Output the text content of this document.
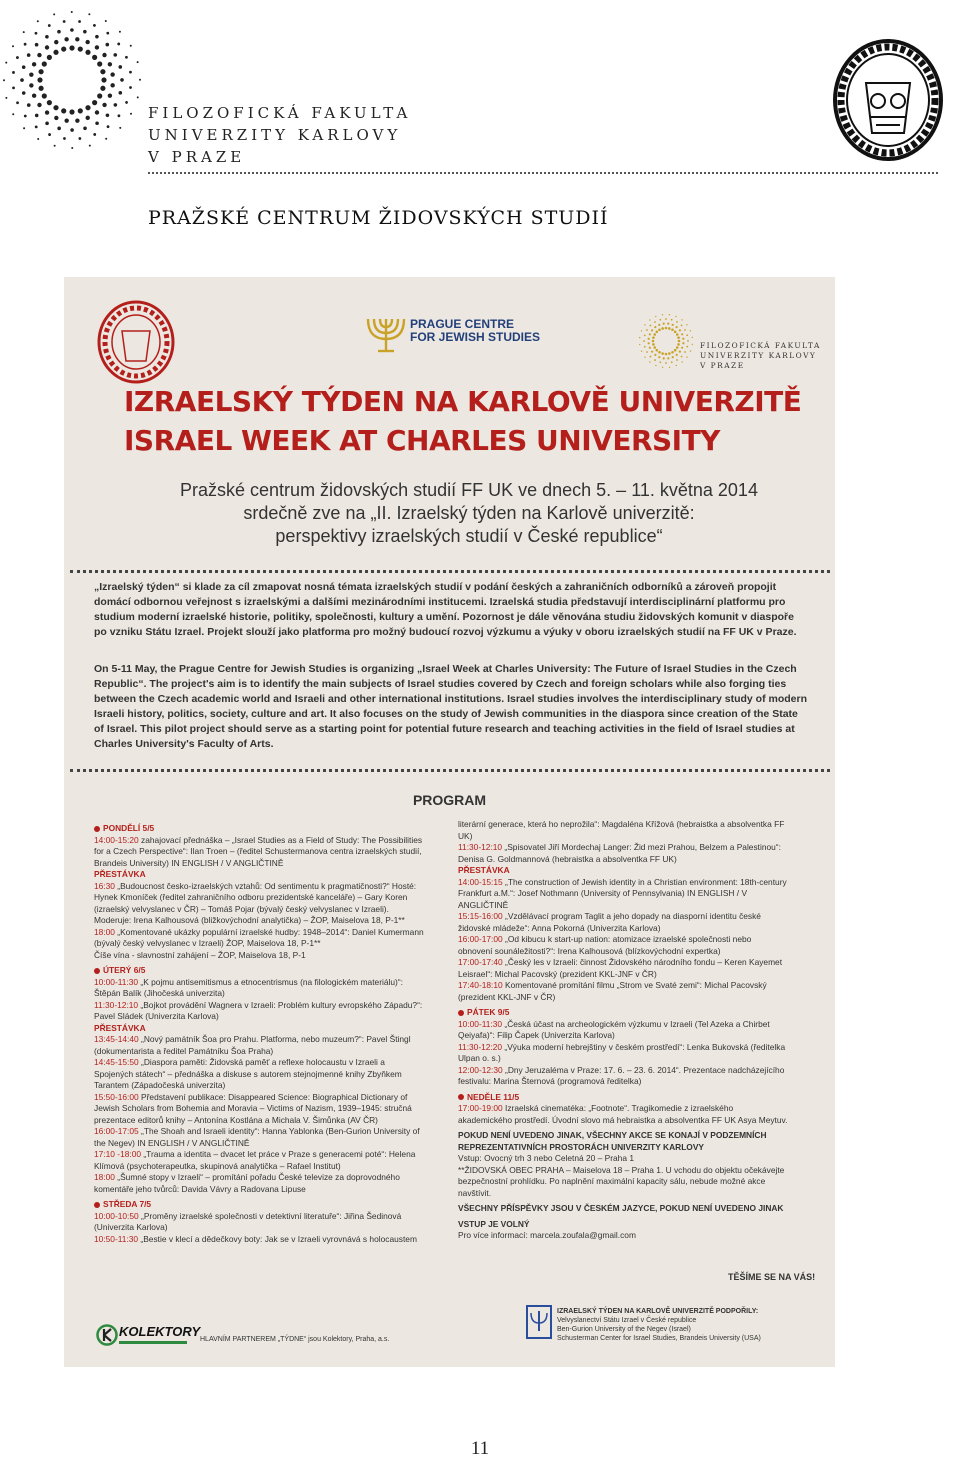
FILOZOFICKÁ FAKULTA
UNIVERZITY KARLOVY
V PRAZE
PRAŽSKÉ CENTRUM ŽIDOVSKÝCH STUDIÍ
PRAGUE CENTRE
FOR JEWISH STUDIES
FILOZOFICKÁ FAKULTA
UNIVERZITY KARLOVY
V PRAZE
IZRAELSKÝ TÝDEN NA KARLOVĚ UNIVERZITĚ
ISRAEL WEEK AT CHARLES UNIVERSITY
Pražské centrum židovských studií FF UK ve dnech 5. – 11. května 2014
srdečně zve na „II. Izraelský týden na Karlově univerzitě:
perspektivy izraelských studií v České republice“
„Izraelský týden“ si klade za cíl zmapovat nosná témata izraelských studií v podání českých a zahraničních odborníků a zároveň propojit domácí odbornou veřejnost s izraelskými a dalšími mezinárodními institucemi. Izraelská studia představují interdisciplinární platformu pro studium moderní izraelské historie, politiky, společnosti, kultury a umění. Pozornost je dále věnována studiu židovských komunit v diaspoře po vzniku Státu Izrael. Projekt slouží jako platforma pro možný budoucí rozvoj výzkumu a výuky v oboru izraelských studií na FF UK v Praze.
On 5-11 May, the Prague Centre for Jewish Studies is organizing „Israel Week at Charles University: The Future of Israel Studies in the Czech Republic“. The project's aim is to identify the main subjects of Israel studies covered by Czech and foreign scholars while also forging ties between the Czech academic world and Israeli and other international institutions. Israel studies involves the interdisciplinary study of modern Israeli history, politics, society, culture and art. It also focuses on the study of Jewish communities in the diaspora since creation of the State of Israel. This pilot project should serve as a starting point for potential future research and teaching activities in the field of Israel studies at Charles University's Faculty of Arts.
PROGRAM

PONDĚLÍ 5/5

14:00-15:20 zahajovací přednáška – „Israel Studies as a Field of Study: The Possibilities for a Czech Perspective“: Ilan Troen – (ředitel Schustermanova centra izraelských studií, Brandeis University) IN ENGLISH / V ANGLIČTINĚ

PŘESTÁVKA

16:30 „Budoucnost česko-izraelských vztahů: Od sentimentu k pragmatičnosti?“ Hosté: Hynek Kmoníček (ředitel zahraničního odboru prezidentské kanceláře) – Gary Koren (izraelský velvyslanec v ČR) – Tomáš Pojar (bývalý český velvyslanec v Izraeli). Moderuje: Irena Kalhousová (bližkovýchodní analytička) – ŽOP, Maiselova 18, P-1**

18:00 „Komentované ukázky populární izraelské hudby: 1948–2014“: Daniel Kumermann (bývalý český velvyslanec v Izraeli) ŽOP, Maiselova 18, P-1**

Číše vína - slavnostní zahájení – ŽOP, Maiselova 18, P-1

ÚTERÝ 6/5

10:00-11:30 „K pojmu antisemitismus a etnocentrismus (na filologickém materiálu)“: Štěpán Balík (Jihočeská univerzita)

11:30-12:10 „Bojkot provádění Wagnera v Izraeli: Problém kultury evropského Západu?“: Pavel Sládek (Univerzita Karlova)

PŘESTÁVKA

13:45-14:40 „Nový památník Šoa pro Prahu. Platforma, nebo muzeum?“: Pavel Štingl (dokumentarista a ředitel Památníku Šoa Praha)

14:45-15:50 „Diaspora paměti: Židovská paměť a reflexe holocaustu v Izraeli a Spojených státech“ – přednáška a diskuse s autorem stejnojmenné knihy Zbyňkem Tarantem (Západočeská univerzita)

15:50-16:00 Představení publikace: Disappeared Science: Biographical Dictionary of Jewish Scholars from Bohemia and Moravia – Victims of Nazism, 1939–1945: stručná prezentace editorů knihy – Antonína Kostlána a Michala V. Šimůnka (AV ČR)

16:00-17:05 „The Shoah and Israeli identity“: Hanna Yablonka (Ben-Gurion University of the Negev) IN ENGLISH / V ANGLIČTINĚ

17:10 -18:00 „Trauma a identita – dvacet let práce v Praze s generacemi poté“: Helena Klímová (psychoterapeutka, skupinová analytička – Rafael Institut)

18:00 „Šumné stopy v Izraeli“ – promítání pořadu České televize za doprovodného komentáře jeho tvůrců: Davida Vávry a Radovana Lipuse

STŘEDA 7/5

10:00-10:50 „Proměny izraelské společnosti v detektivní literatuře“: Jiřina Šedinová (Univerzita Karlova)

10:50-11:30 „Bestie v klecí a dědečkovy boty: Jak se v Izraeli vyrovnává s holocaustem

literární generace, která ho neprožila“: Magdaléna Křížová (hebraistka a absolventka FF UK)

11:30-12:10 „Spisovatel Jiří Mordechaj Langer: Žid mezi Prahou, Belzem a Palestinou“: Denisa G. Goldmannová (hebraistka a absolventka FF UK)

PŘESTÁVKA

14:00-15:15 „The construction of Jewish identity in a Christian environment: 18th-century Frankfurt a.M.“: Josef Nothmann (University of Pennsylvania) IN ENGLISH / V ANGLIČTINĚ

15:15-16:00 „Vzdělávací program Taglit a jeho dopady na diasporní identitu české židovské mládeže“: Anna Pokorná (Univerzita Karlova)

16:00-17:00 „Od kibucu k start-up nation: atomizace izraelské společnosti nebo obnovení sounáležitosti?“: Irena Kalhousová (blízkovýchodní expertka)

17:00-17:40 „Český les v Izraeli: činnost Židovského národního fondu – Keren Kayemet Leisrael“: Michal Pacovský (prezident KKL-JNF v ČR)

17:40-18:10 Komentované promítání filmu „Strom ve Svaté zemi“: Michal Pacovský (prezident KKL-JNF v ČR)

PÁTEK 9/5

10:00-11:30 „Česká účast na archeologickém výzkumu v Izraeli (Tel Azeka a Chirbet Qeiyafa)“: Filip Čapek (Univerzita Karlova)

11:30-12:20 „Výuka moderní hebrejštiny v českém prostředí“: Lenka Bukovská (ředitelka Ulpan o. s.)

12:00-12:30 „Dny Jeruzaléma v Praze: 17. 6. – 23. 6. 2014“. Prezentace nadcházejícího festivalu: Marina Šternová (programová ředitelka)

NEDĚLE 11/5

17:00-19:00 Izraelská cinematéka: „Footnote“. Tragikomedie z izraelského akademického prostředí. Úvodní slovo má hebraistka a absolventka FF UK Asya Meytuv.

POKUD NENÍ UVEDENO JINAK, VŠECHNY AKCE SE KONAJÍ V PODZEMNÍCH REPREZENTATIVNÍCH PROSTORÁCH UNIVERZITY KARLOVY

Vstup: Ovocný trh 3 nebo Celetná 20 – Praha 1

**ŽIDOVSKÁ OBEC PRAHA – Maiselova 18 – Praha 1. U vchodu do objektu očekávejte bezpečnostní prohlídku. Po naplnění maximální kapacity sálu, nebude možné akce navštívit.

VŠECHNY PŘÍSPĚVKY JSOU V ČESKÉM JAZYCE, POKUD NENÍ UVEDENO JINAK

VSTUP JE VOLNÝ

Pro více informací: marcela.zoufala@gmail.com

TĚŠÍME SE NA VÁS!
IZRAELSKÝ TÝDEN NA KARLOVĚ UNIVERZITĚ PODPOŘILY:
Velvyslanectví Státu Izrael v České republice
Ben-Gurion University of the Negev (Israel)
Schusterman Center for Israel Studies, Brandeis University (USA)
KOLEKTORY
HLAVNÍM PARTNEREM „TÝDNE“ jsou Kolektory, Praha, a.s.
11
